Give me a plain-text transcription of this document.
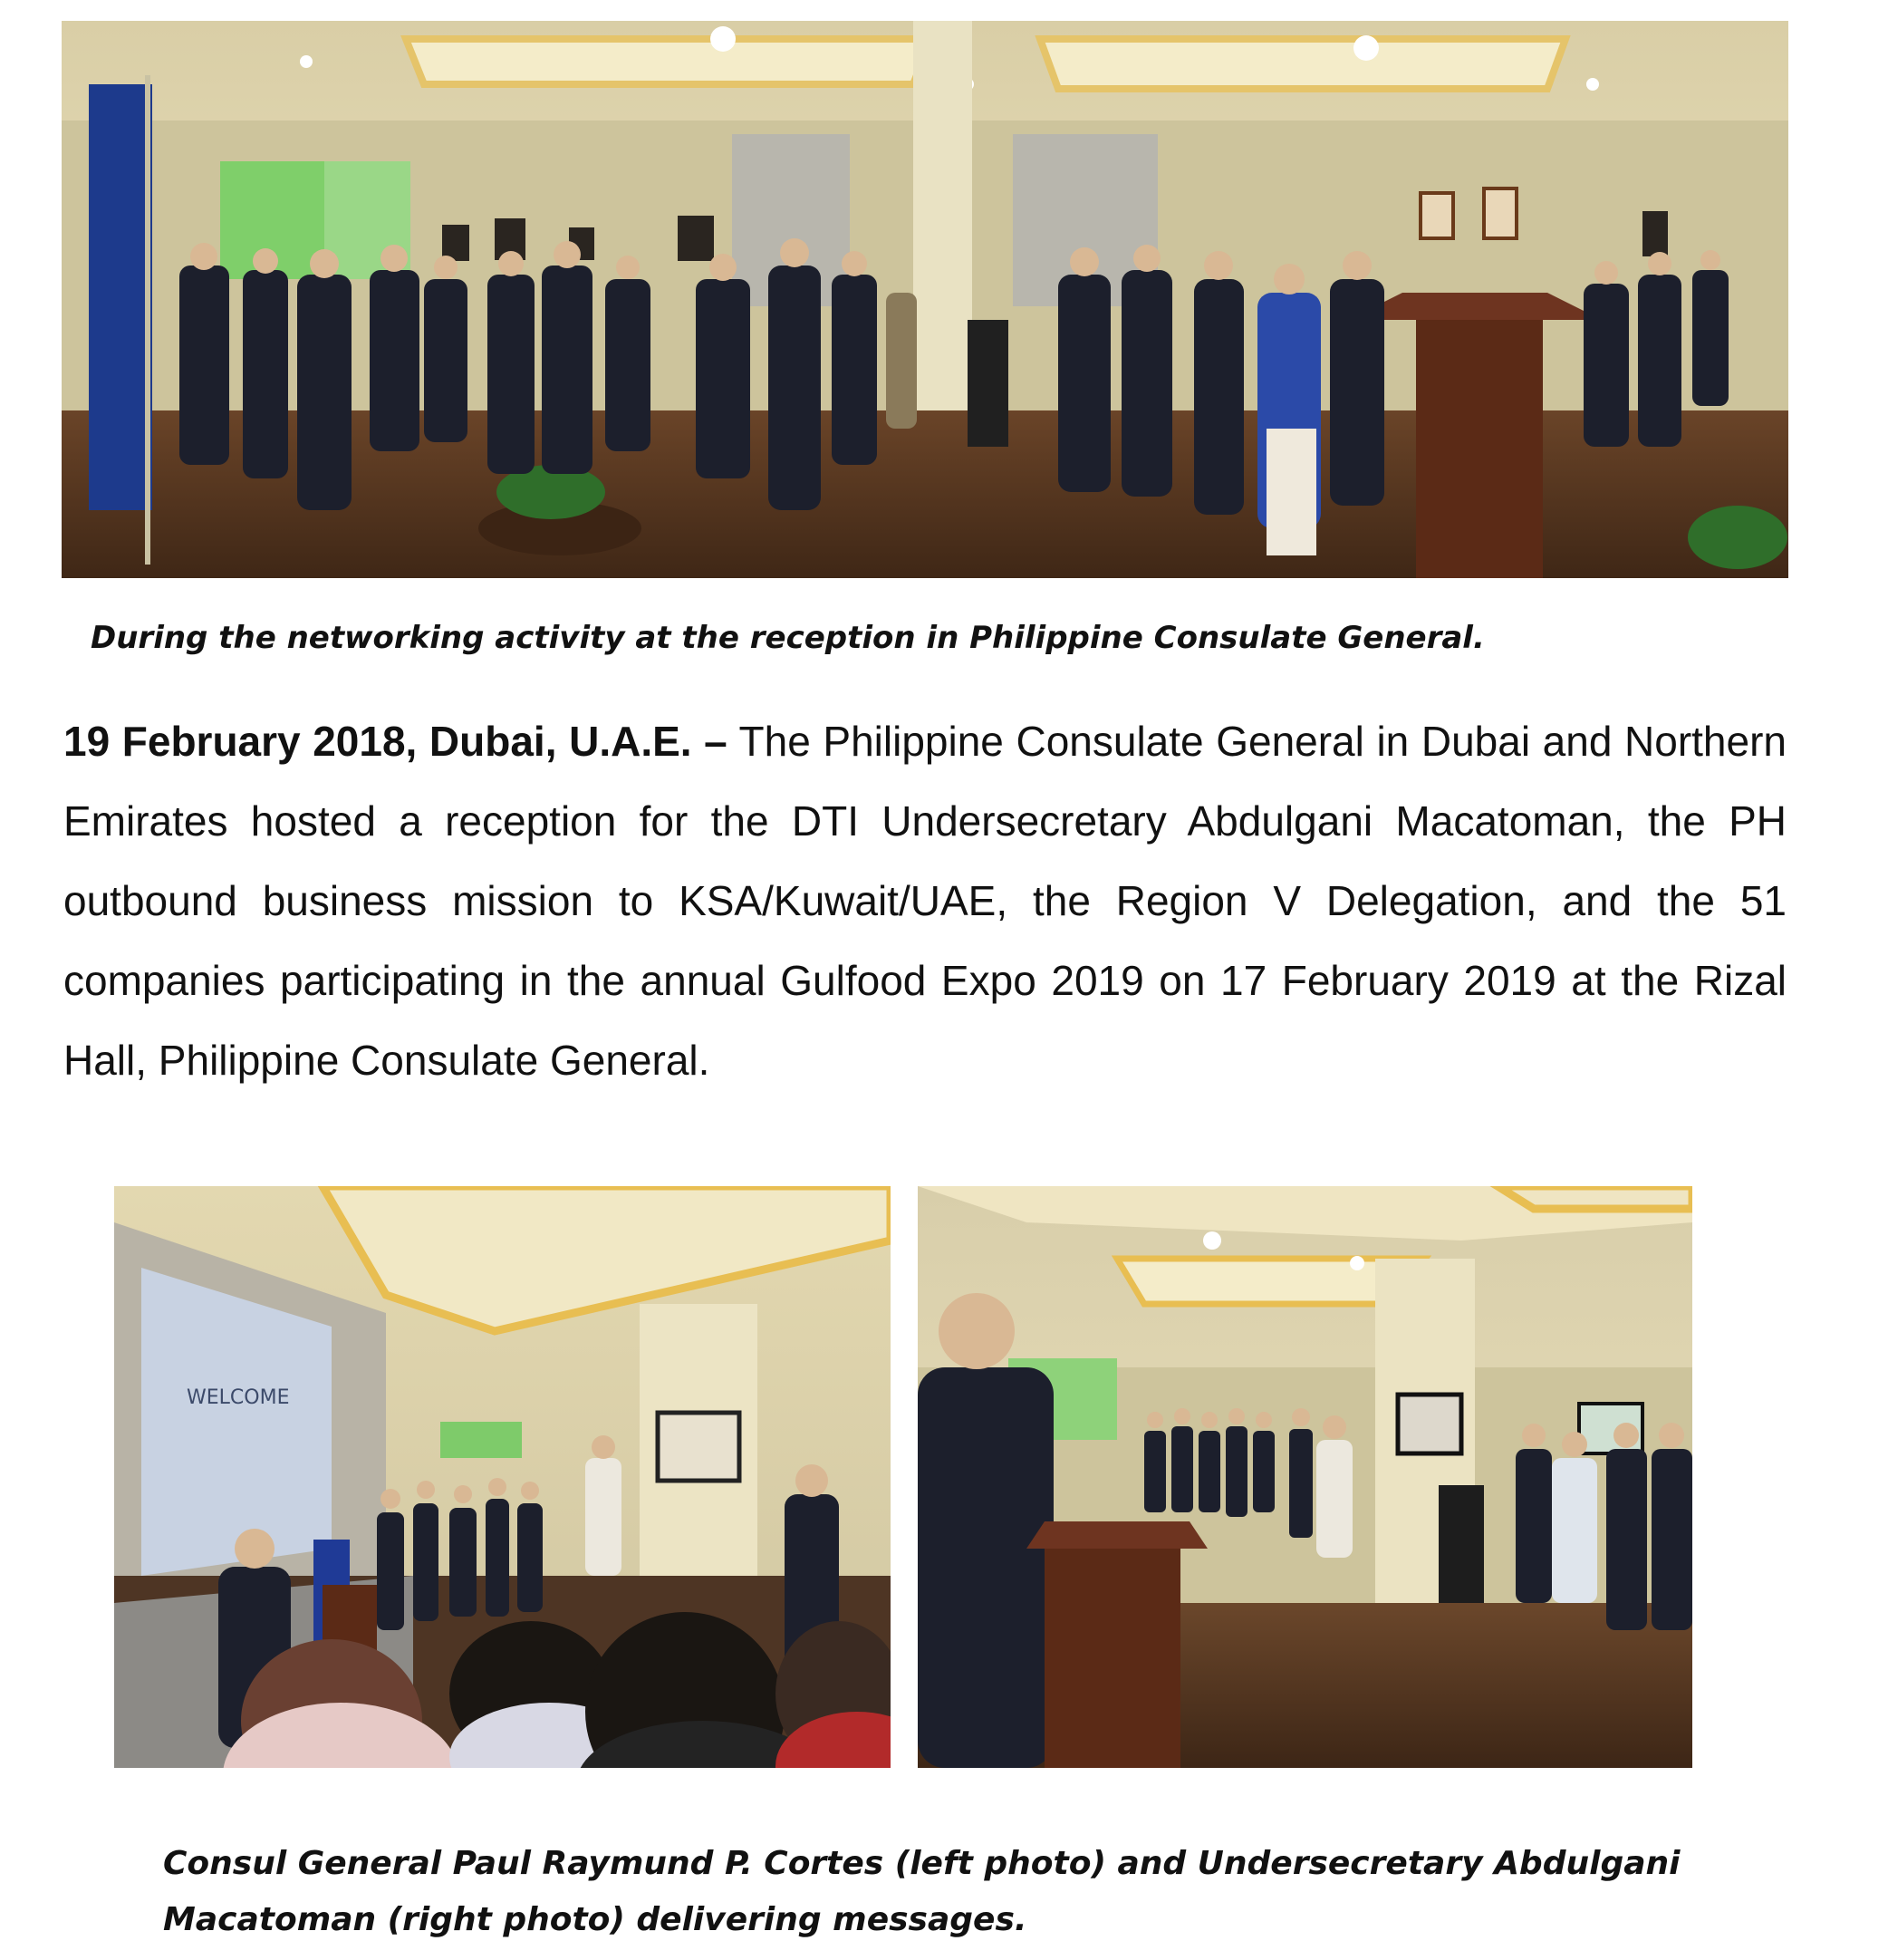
During the networking activity at the reception in Philippine Consulate General.

19 February 2018, Dubai, U.A.E. – The Philippine Consulate General in Dubai and Northern Emirates hosted a reception for the DTI Undersecretary Abdulgani Macatoman, the PH outbound business mission to KSA/Kuwait/UAE, the Region V Delegation, and the 51 companies participating in the annual Gulfood Expo 2019 on 17 February 2019 at the Rizal Hall, Philippine Consulate General.

WELCOME

Consul General Paul Raymund P. Cortes (left photo) and Undersecretary Abdulgani Macatoman (right photo) delivering messages.
